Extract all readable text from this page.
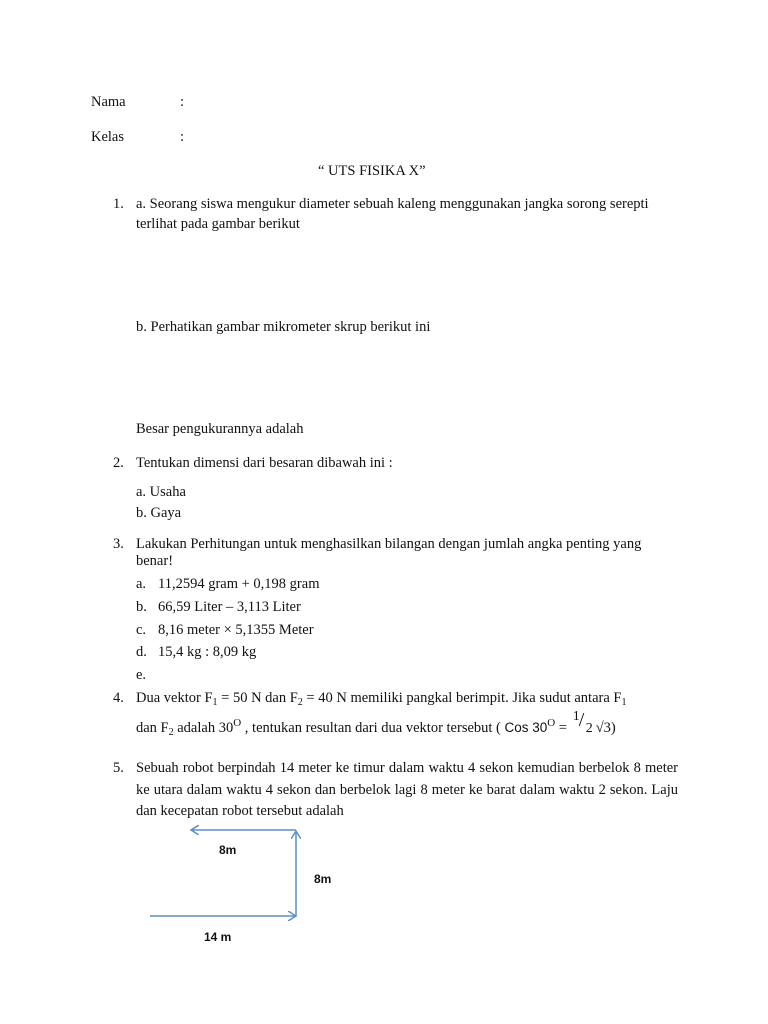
Nama	:
Kelas	:
“ UTS FISIKA X”
1. a. Seorang siswa mengukur diameter sebuah kaleng menggunakan jangka sorong serepti
terlihat pada gambar berikut
b. Perhatikan gambar mikrometer skrup berikut ini
Besar pengukurannya adalah
2. Tentukan dimensi dari besaran dibawah ini :
a. Usaha
b. Gaya
3. Lakukan Perhitungan untuk menghasilkan bilangan dengan jumlah angka penting yang
benar!
a. 11,2594 gram + 0,198 gram
b. 66,59 Liter – 3,113 Liter
c. 8,16 meter × 5,1355 Meter
d. 15,4 kg : 8,09 kg
e.
4. Dua vektor $F_1 = 50$ N dan $F_2 = 40$ N memiliki pangkal berimpit. Jika sudut antara $F_1$
dan $F_2$ adalah $30^O$ , tentukan resultan dari dua vektor tersebut ( Cos $30^O$ =
1 / 2 √3)
5. Sebuah robot berpindah 14 meter ke timur dalam waktu 4 sekon kemudian berbelok 8 meter ke utara dalam waktu 4 sekon dan berbelok lagi 8 meter ke barat dalam waktu 2 sekon. Laju dan kecepatan robot tersebut adalah
8m
8m
14 m
